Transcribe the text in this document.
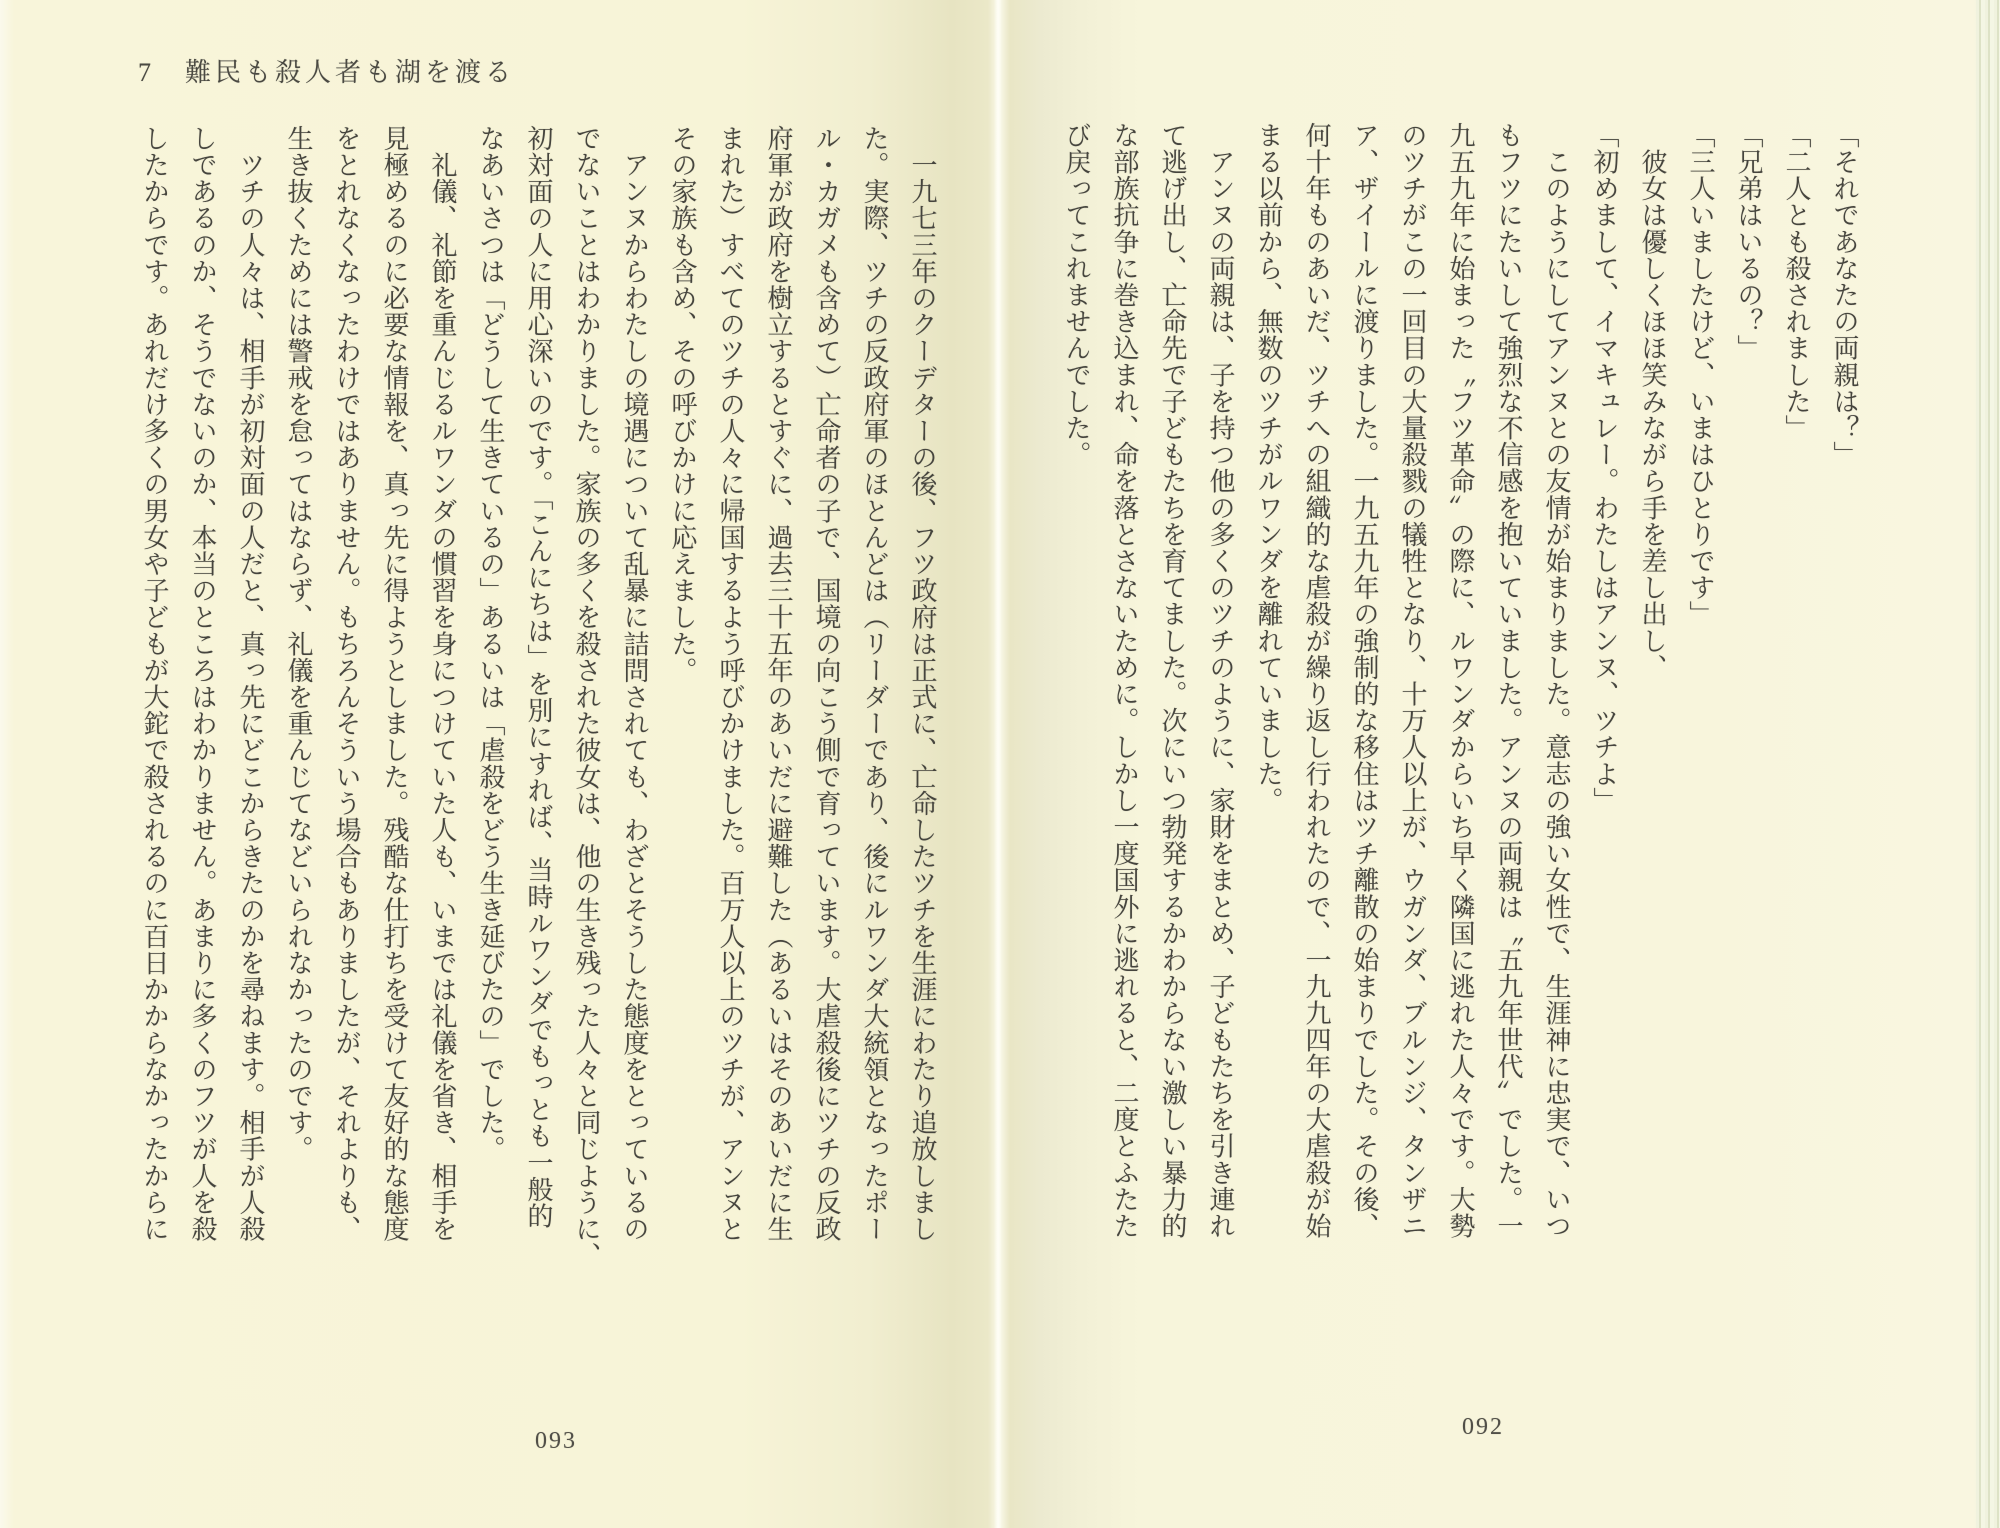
7　難民も殺人者も湖を渡る

　一九七三年のクーデターの後、フツ政府は正式に、亡命したツチを生涯にわたり追放しまし

た。実際、ツチの反政府軍のほとんどは（リーダーであり、後にルワンダ大統領となったポー

ル・カガメも含めて）亡命者の子で、国境の向こう側で育っています。大虐殺後にツチの反政

府軍が政府を樹立するとすぐに、過去三十五年のあいだに避難した（あるいはそのあいだに生

まれた）すべてのツチの人々に帰国するよう呼びかけました。百万人以上のツチが、アンヌと

その家族も含め、その呼びかけに応えました。

　アンヌからわたしの境遇について乱暴に詰問されても、わざとそうした態度をとっているの

でないことはわかりました。家族の多くを殺された彼女は、他の生き残った人々と同じように、

初対面の人に用心深いのです。「こんにちは」を別にすれば、当時ルワンダでもっとも一般的

なあいさつは「どうして生きているの」あるいは「虐殺をどう生き延びたの」でした。

　礼儀、礼節を重んじるルワンダの慣習を身につけていた人も、いまでは礼儀を省き、相手を

見極めるのに必要な情報を、真っ先に得ようとしました。残酷な仕打ちを受けて友好的な態度

をとれなくなったわけではありません。もちろんそういう場合もありましたが、それよりも、

生き抜くためには警戒を怠ってはならず、礼儀を重んじてなどいられなかったのです。

　ツチの人々は、相手が初対面の人だと、真っ先にどこからきたのかを尋ねます。相手が人殺

しであるのか、そうでないのか、本当のところはわかりません。あまりに多くのフツが人を殺

したからです。あれだけ多くの男女や子どもが大鉈で殺されるのに百日かからなかったからに

093

「それであなたの両親は？」

「二人とも殺されました」

「兄弟はいるの？」

「三人いましたけど、いまはひとりです」

　彼女は優しくほほ笑みながら手を差し出し、

「初めまして、イマキュレー。わたしはアンヌ、ツチよ」

　このようにしてアンヌとの友情が始まりました。意志の強い女性で、生涯神に忠実で、いつ

もフツにたいして強烈な不信感を抱いていました。アンヌの両親は〝五九年世代〞でした。一

九五九年に始まった〝フツ革命〞の際に、ルワンダからいち早く隣国に逃れた人々です。大勢

のツチがこの一回目の大量殺戮の犠牲となり、十万人以上が、ウガンダ、ブルンジ、タンザニ

ア、ザイールに渡りました。一九五九年の強制的な移住はツチ離散の始まりでした。その後、

何十年ものあいだ、ツチへの組織的な虐殺が繰り返し行われたので、一九九四年の大虐殺が始

まる以前から、無数のツチがルワンダを離れていました。

　アンヌの両親は、子を持つ他の多くのツチのように、家財をまとめ、子どもたちを引き連れ

て逃げ出し、亡命先で子どもたちを育てました。次にいつ勃発するかわからない激しい暴力的

な部族抗争に巻き込まれ、命を落とさないために。しかし一度国外に逃れると、二度とふたた

び戻ってこれませんでした。

092
